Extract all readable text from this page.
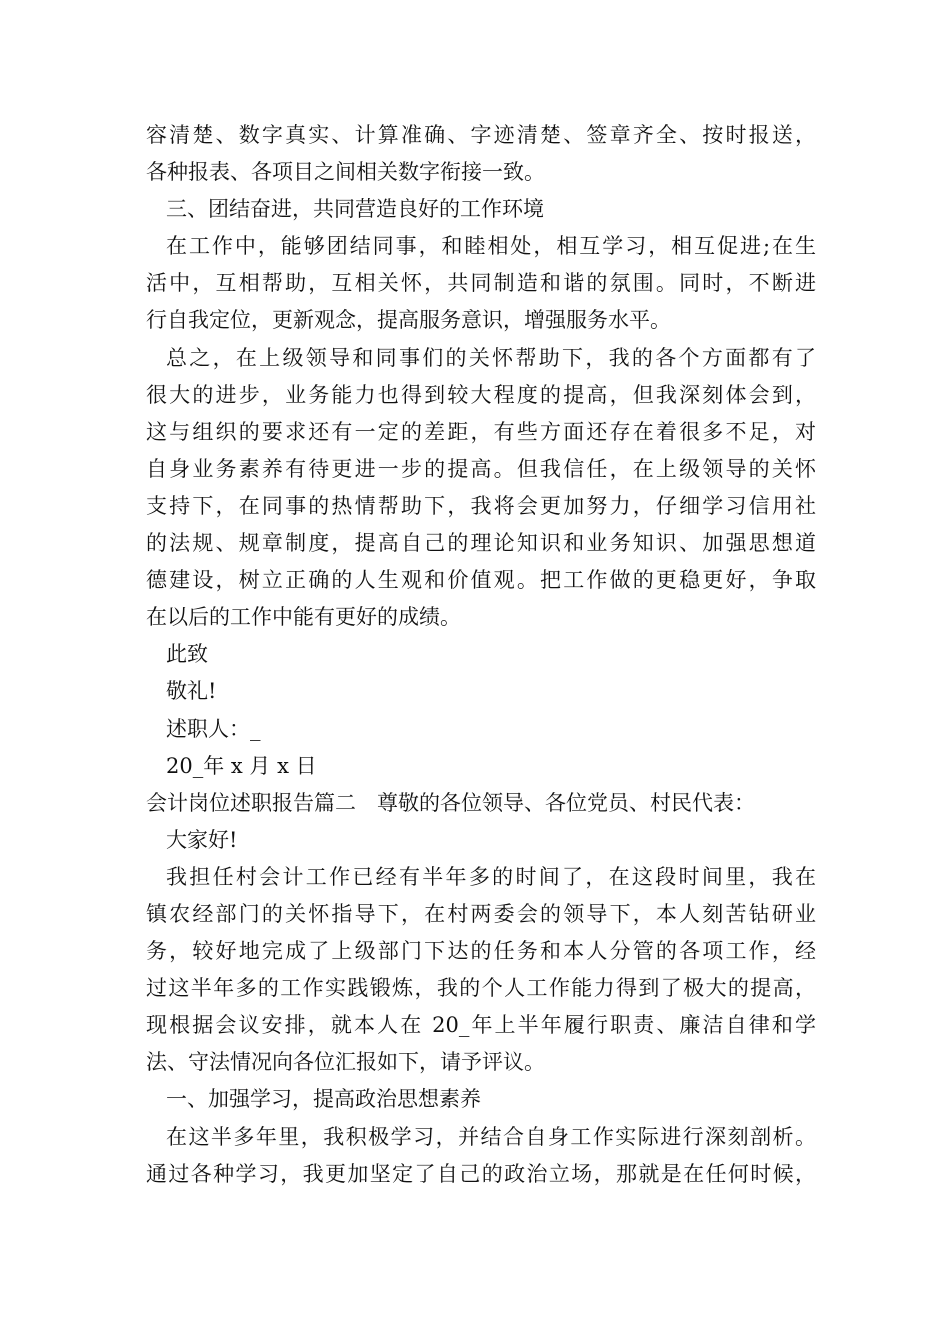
容清楚、数字真实、计算准确、字迹清楚、签章齐全、按时报送，
各种报表、各项目之间相关数字衔接一致。
三、团结奋进，共同营造良好的工作环境
在工作中，能够团结同事，和睦相处，相互学习，相互促进;在生
活中，互相帮助，互相关怀，共同制造和谐的氛围。同时，不断进
行自我定位，更新观念，提高服务意识，增强服务水平。
总之，在上级领导和同事们的关怀帮助下，我的各个方面都有了
很大的进步，业务能力也得到较大程度的提高，但我深刻体会到，
这与组织的要求还有一定的差距，有些方面还存在着很多不足，对
自身业务素养有待更进一步的提高。但我信任，在上级领导的关怀
支持下，在同事的热情帮助下，我将会更加努力，仔细学习信用社
的法规、规章制度，提高自己的理论知识和业务知识、加强思想道
德建设，树立正确的人生观和价值观。把工作做的更稳更好，争取
在以后的工作中能有更好的成绩。
此致
敬礼!
述职人：_
20_年 x 月 x 日
会计岗位述职报告篇二　尊敬的各位领导、各位党员、村民代表：
大家好!
我担任村会计工作已经有半年多的时间了，在这段时间里，我在
镇农经部门的关怀指导下，在村两委会的领导下，本人刻苦钻研业
务，较好地完成了上级部门下达的任务和本人分管的各项工作，经
过这半年多的工作实践锻炼，我的个人工作能力得到了极大的提高，
现根据会议安排，就本人在 20_年上半年履行职责、廉洁自律和学
法、守法情况向各位汇报如下，请予评议。
一、加强学习，提高政治思想素养
在这半多年里，我积极学习，并结合自身工作实际进行深刻剖析。
通过各种学习，我更加坚定了自己的政治立场，那就是在任何时候，
